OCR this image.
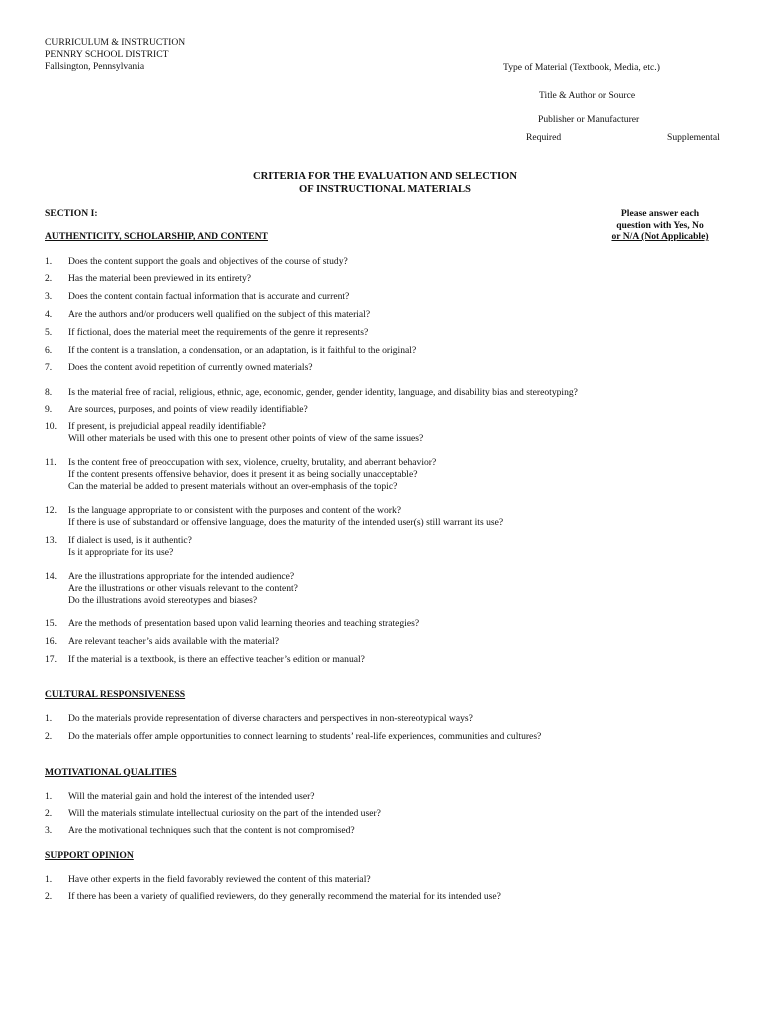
CURRICULUM & INSTRUCTION
PENNRY SCHOOL DISTRICT
Fallsington, Pennsylvania	Type of Material (Textbook, Media, etc.)
Title & Author or Source
Publisher or Manufacturer
Required	Supplemental
CRITERIA FOR THE EVALUATION AND SELECTION
OF INSTRUCTIONAL MATERIALS
SECTION I:	Please answer each
question with Yes, No
or N/A (Not Applicable)
AUTHENTICITY, SCHOLARSHIP, AND CONTENT
CULTURAL RESPONSIVENESS
MOTIVATIONAL QUALITIES
SUPPORT OPINION
1. Does the content support the goals and objectives of the course of study?
2. Has the material been previewed in its entirety?
3. Does the content contain factual information that is accurate and current?
4. Are the authors and/or producers well qualified on the subject of this material?
5. If fictional, does the material meet the requirements of the genre it represents?
6. If the content is a translation, a condensation, or an adaptation, is it faithful to the original?
7. Does the content avoid repetition of currently owned materials?
8. Is the material free of racial, religious, ethnic, age, economic, gender, gender identity, language, and disability bias and stereotyping?
9. Are sources, purposes, and points of view readily identifiable?
10. If present, is prejudicial appeal readily identifiable?
Will other materials be used with this one to present other points of view of the same issues?
11. Is the content free of preoccupation with sex, violence, cruelty, brutality, and aberrant behavior?
If the content presents offensive behavior, does it present it as being socially unacceptable?
Can the material be added to present materials without an over-emphasis of the topic?
12. Is the language appropriate to or consistent with the purposes and content of the work?
If there is use of substandard or offensive language, does the maturity of the intended user(s) still warrant its use?
13. If dialect is used, is it authentic?
Is it appropriate for its use?
14. Are the illustrations appropriate for the intended audience?
Are the illustrations or other visuals relevant to the content?
Do the illustrations avoid stereotypes and biases?
15. Are the methods of presentation based upon valid learning theories and teaching strategies?
16. Are relevant teacher’s aids available with the material?
17. If the material is a textbook, is there an effective teacher’s edition or manual?
1. Do the materials provide representation of diverse characters and perspectives in non-stereotypical ways?
2. Do the materials offer ample opportunities to connect learning to students’ real-life experiences, communities and cultures?
1. Will the material gain and hold the interest of the intended user?
2. Will the materials stimulate intellectual curiosity on the part of the intended user?
3. Are the motivational techniques such that the content is not compromised?
1. Have other experts in the field favorably reviewed the content of this material?
2. If there has been a variety of qualified reviewers, do they generally recommend the material for its intended use?
